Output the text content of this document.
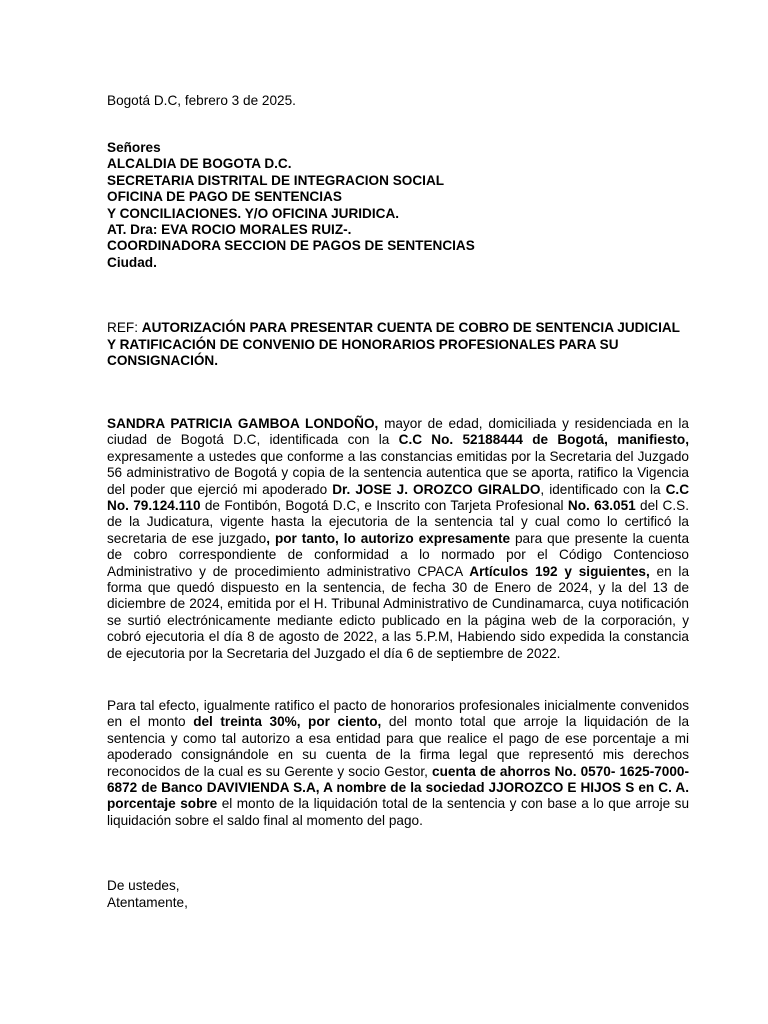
Bogotá D.C, febrero 3 de 2025.
Señores
ALCALDIA DE BOGOTA D.C.
SECRETARIA DISTRITAL DE INTEGRACION SOCIAL
OFICINA DE PAGO DE SENTENCIAS
Y CONCILIACIONES. Y/O OFICINA JURIDICA.
AT. Dra: EVA ROCIO MORALES RUIZ-.
COORDINADORA SECCION DE PAGOS DE SENTENCIAS
Ciudad.
REF: AUTORIZACIÓN PARA PRESENTAR CUENTA DE COBRO DE SENTENCIA JUDICIAL Y RATIFICACIÓN DE CONVENIO DE HONORARIOS PROFESIONALES PARA SU CONSIGNACIÓN.
SANDRA PATRICIA GAMBOA LONDOÑO, mayor de edad, domiciliada y residenciada en la ciudad de Bogotá D.C, identificada con la C.C No. 52188444 de Bogotá, manifiesto, expresamente a ustedes que conforme a las constancias emitidas por la Secretaria del Juzgado 56 administrativo de Bogotá y copia de la sentencia autentica que se aporta, ratifico la Vigencia del poder que ejerció mi apoderado Dr. JOSE J. OROZCO GIRALDO, identificado con la C.C No. 79.124.110 de Fontibón, Bogotá D.C, e Inscrito con Tarjeta Profesional No. 63.051 del C.S. de la Judicatura, vigente hasta la ejecutoria de la sentencia tal y cual como lo certificó la secretaria de ese juzgado, por tanto, lo autorizo expresamente para que presente la cuenta de cobro correspondiente de conformidad a lo normado por el Código Contencioso Administrativo y de procedimiento administrativo CPACA Artículos 192 y siguientes, en la forma que quedó dispuesto en la sentencia, de fecha 30 de Enero de 2024, y la del 13 de diciembre de 2024, emitida por el H. Tribunal Administrativo de Cundinamarca, cuya notificación se surtió electrónicamente mediante edicto publicado en la página web de la corporación, y cobró ejecutoria el día 8 de agosto de 2022, a las 5.P.M, Habiendo sido expedida la constancia de ejecutoria por la Secretaria del Juzgado el día 6 de septiembre de 2022.
Para tal efecto, igualmente ratifico el pacto de honorarios profesionales inicialmente convenidos en el monto del treinta 30%, por ciento, del monto total que arroje la liquidación de la sentencia y como tal autorizo a esa entidad para que realice el pago de ese porcentaje a mi apoderado consignándole en su cuenta de la firma legal que representó mis derechos reconocidos de la cual es su Gerente y socio Gestor, cuenta de ahorros No. 0570- 1625-7000-6872 de Banco DAVIVIENDA S.A, A nombre de la sociedad JJOROZCO E HIJOS S en C. A. porcentaje sobre el monto de la liquidación total de la sentencia y con base a lo que arroje su liquidación sobre el saldo final al momento del pago.
De ustedes,
Atentamente,
